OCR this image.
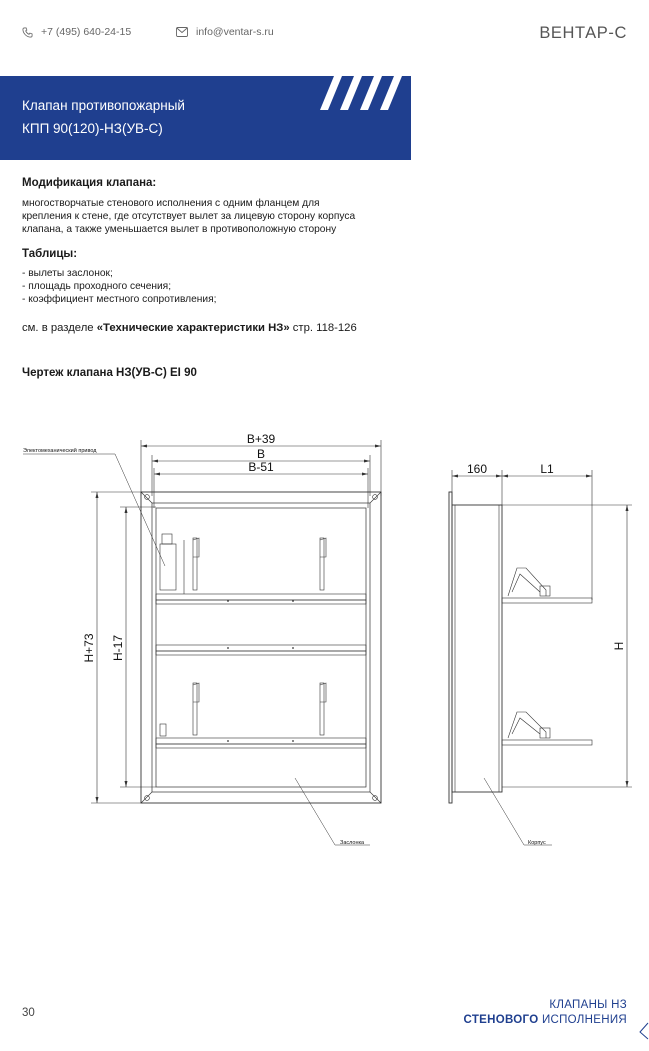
+7 (495) 640-24-15	info@ventar-s.ru	ВЕНТАР-С
Клапан противопожарный
КПП 90(120)-НЗ(УВ-С)
Модификация клапана:
многостворчатые стенового исполнения с одним фланцем для
крепления к стене, где отсутствует вылет за лицевую сторону корпуса
клапана, а также уменьшается вылет в противоположную сторону
Таблицы:
- вылеты заслонок;
- площадь проходного сечения;
- коэффициент местного сопротивления;
см. в разделе «Технические характеристики НЗ» стр. 118-126
Чертеж клапана НЗ(УВ-С) EI 90
B+39
B
B-51
H+73 H-17
160	L1
H
Электомеханический привод
Заслонка	Корпус
30
КЛАПАНЫ НЗ
СТЕНОВОГО ИСПОЛНЕНИЯ
